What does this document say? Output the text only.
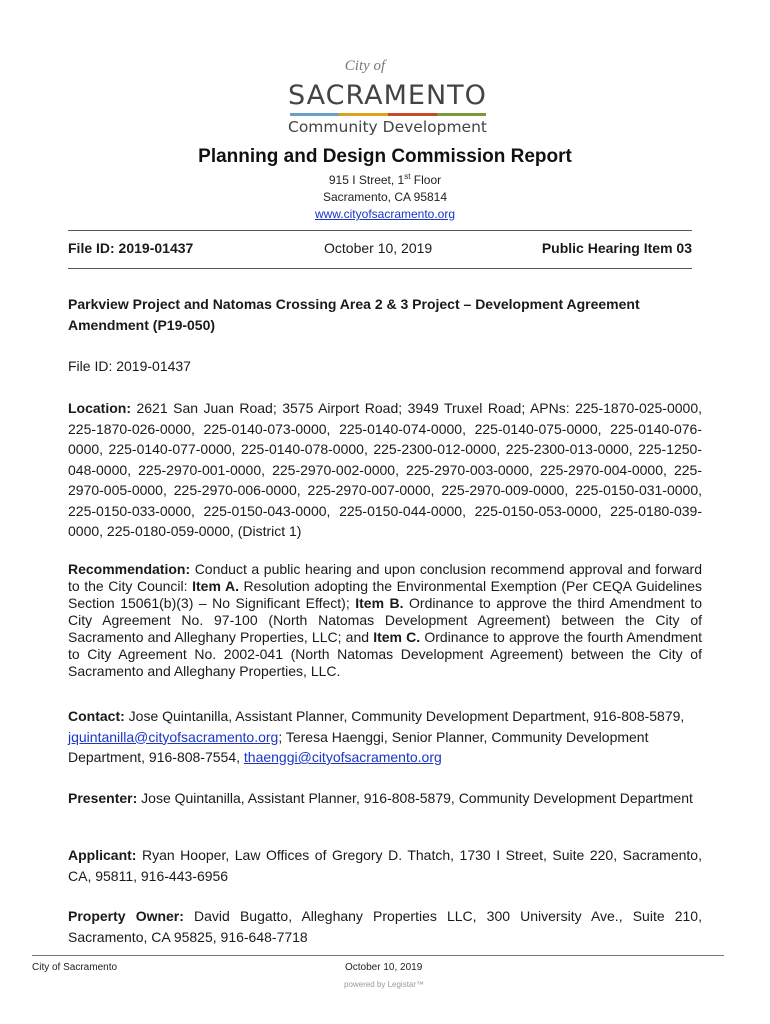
City of
SACRAMENTO
Community Development
Planning and Design Commission Report
915 I Street, 1st Floor
Sacramento, CA 95814
www.cityofsacramento.org
File ID: 2019-01437	October 10, 2019	Public Hearing Item 03
Parkview Project and Natomas Crossing Area 2 & 3 Project – Development Agreement Amendment (P19-050)
File ID: 2019-01437
Location: 2621 San Juan Road; 3575 Airport Road; 3949 Truxel Road; APNs: 225-1870-025-0000, 225-1870-026-0000, 225-0140-073-0000, 225-0140-074-0000, 225-0140-075-0000, 225-0140-076-0000, 225-0140-077-0000, 225-0140-078-0000, 225-2300-012-0000, 225-2300-013-0000, 225-1250-048-0000, 225-2970-001-0000, 225-2970-002-0000, 225-2970-003-0000, 225-2970-004-0000, 225-2970-005-0000, 225-2970-006-0000, 225-2970-007-0000, 225-2970-009-0000, 225-0150-031-0000, 225-0150-033-0000, 225-0150-043-0000, 225-0150-044-0000, 225-0150-053-0000, 225-0180-039-0000, 225-0180-059-0000, (District 1)
Recommendation: Conduct a public hearing and upon conclusion recommend approval and forward to the City Council: Item A. Resolution adopting the Environmental Exemption (Per CEQA Guidelines Section 15061(b)(3) – No Significant Effect); Item B. Ordinance to approve the third Amendment to City Agreement No. 97-100 (North Natomas Development Agreement) between the City of Sacramento and Alleghany Properties, LLC; and Item C. Ordinance to approve the fourth Amendment to City Agreement No. 2002-041 (North Natomas Development Agreement) between the City of Sacramento and Alleghany Properties, LLC.
Contact: Jose Quintanilla, Assistant Planner, Community Development Department, 916-808-5879, jquintanilla@cityofsacramento.org; Teresa Haenggi, Senior Planner, Community Development Department, 916-808-7554, thaenggi@cityofsacramento.org
Presenter: Jose Quintanilla, Assistant Planner, 916-808-5879, Community Development Department
Applicant: Ryan Hooper, Law Offices of Gregory D. Thatch, 1730 I Street, Suite 220, Sacramento, CA, 95811, 916-443-6956
Property Owner: David Bugatto, Alleghany Properties LLC, 300 University Ave., Suite 210, Sacramento, CA 95825, 916-648-7718
City of Sacramento	October 10, 2019
powered by Legistar™
